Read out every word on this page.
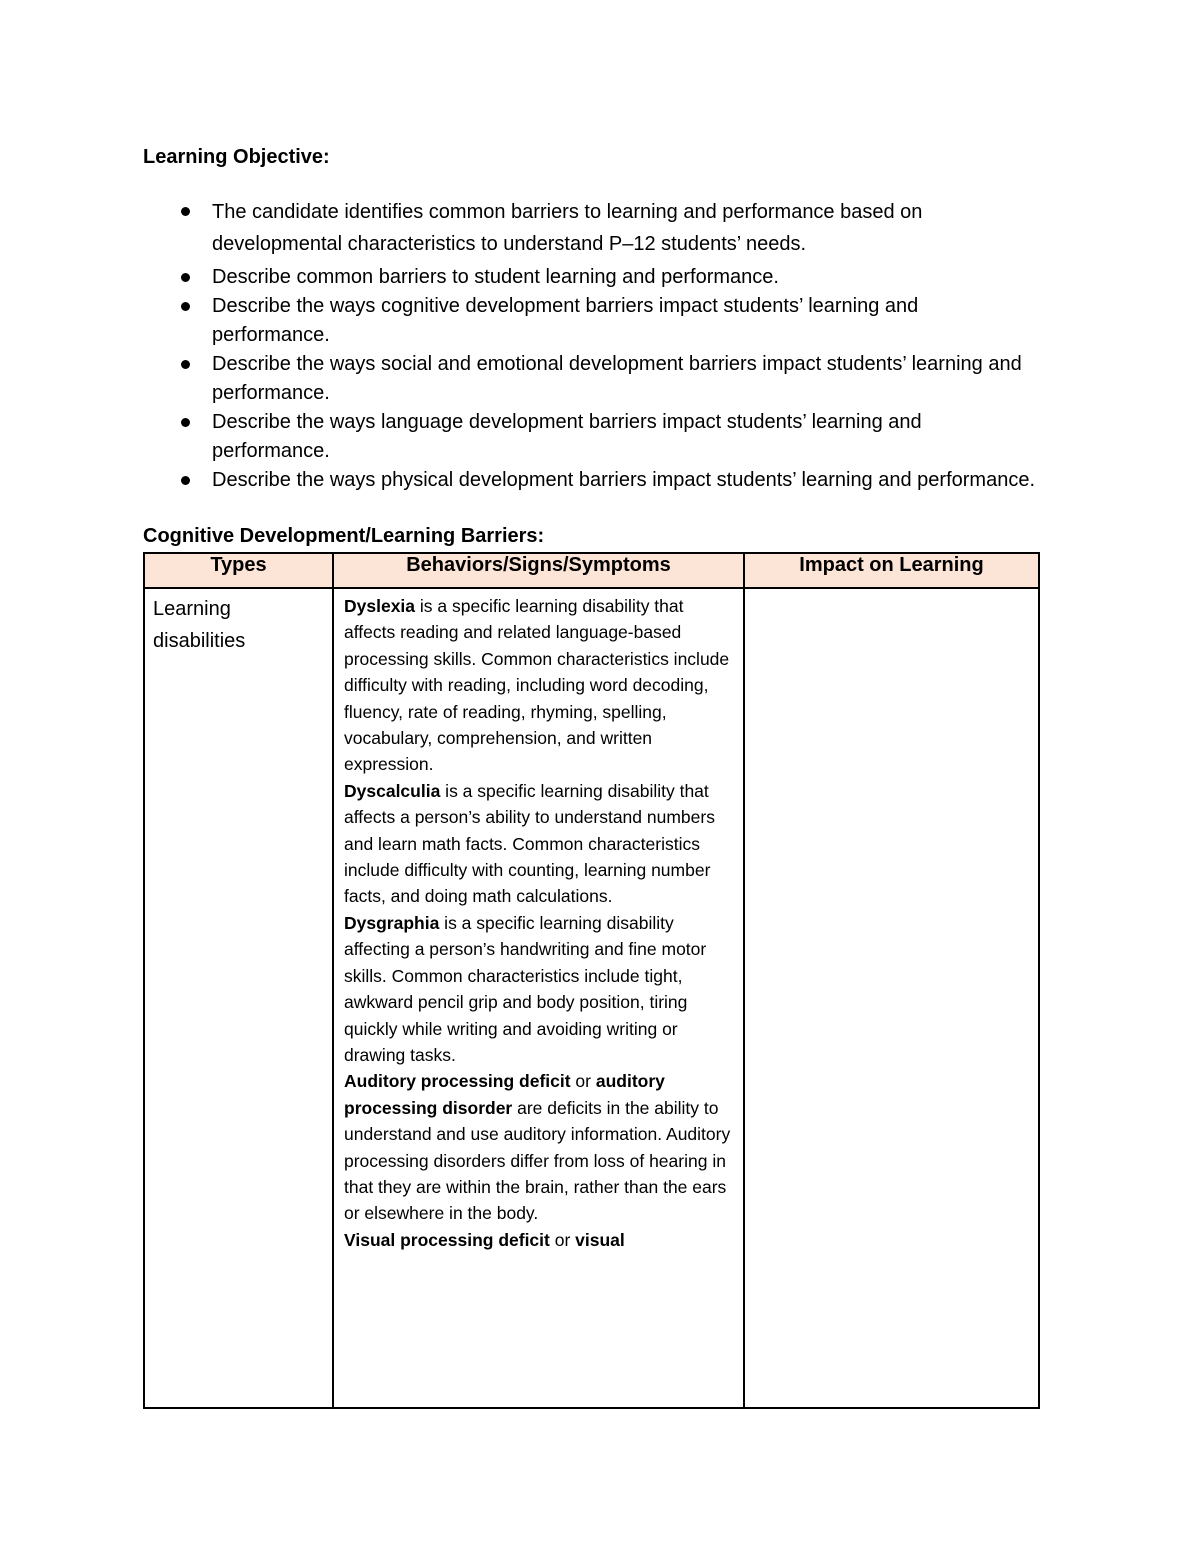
Learning Objective:
The candidate identifies common barriers to learning and performance based on developmental characteristics to understand P–12 students’ needs.
Describe common barriers to student learning and performance.
Describe the ways cognitive development barriers impact students’ learning and performance.
Describe the ways social and emotional development barriers impact students’ learning and performance.
Describe the ways language development barriers impact students’ learning and performance.
Describe the ways physical development barriers impact students’ learning and performance.
Cognitive Development/Learning Barriers:
Types	Behaviors/Signs/Symptoms	Impact on Learning
Learning disabilities	Dyslexia is a specific learning disability that affects reading and related language-based processing skills. Common characteristics include difficulty with reading, including word decoding, fluency, rate of reading, rhyming, spelling, vocabulary, comprehension, and written expression.

Dyscalculia is a specific learning disability that affects a person’s ability to understand numbers and learn math facts. Common characteristics include difficulty with counting, learning number facts, and doing math calculations.

Dysgraphia is a specific learning disability affecting a person’s handwriting and fine motor skills. Common characteristics include tight, awkward pencil grip and body position, tiring quickly while writing and avoiding writing or drawing tasks.

Auditory processing deficit or auditory processing disorder are deficits in the ability to understand and use auditory information. Auditory processing disorders differ from loss of hearing in that they are within the brain, rather than the ears or elsewhere in the body.

Visual processing deficit or visual	
